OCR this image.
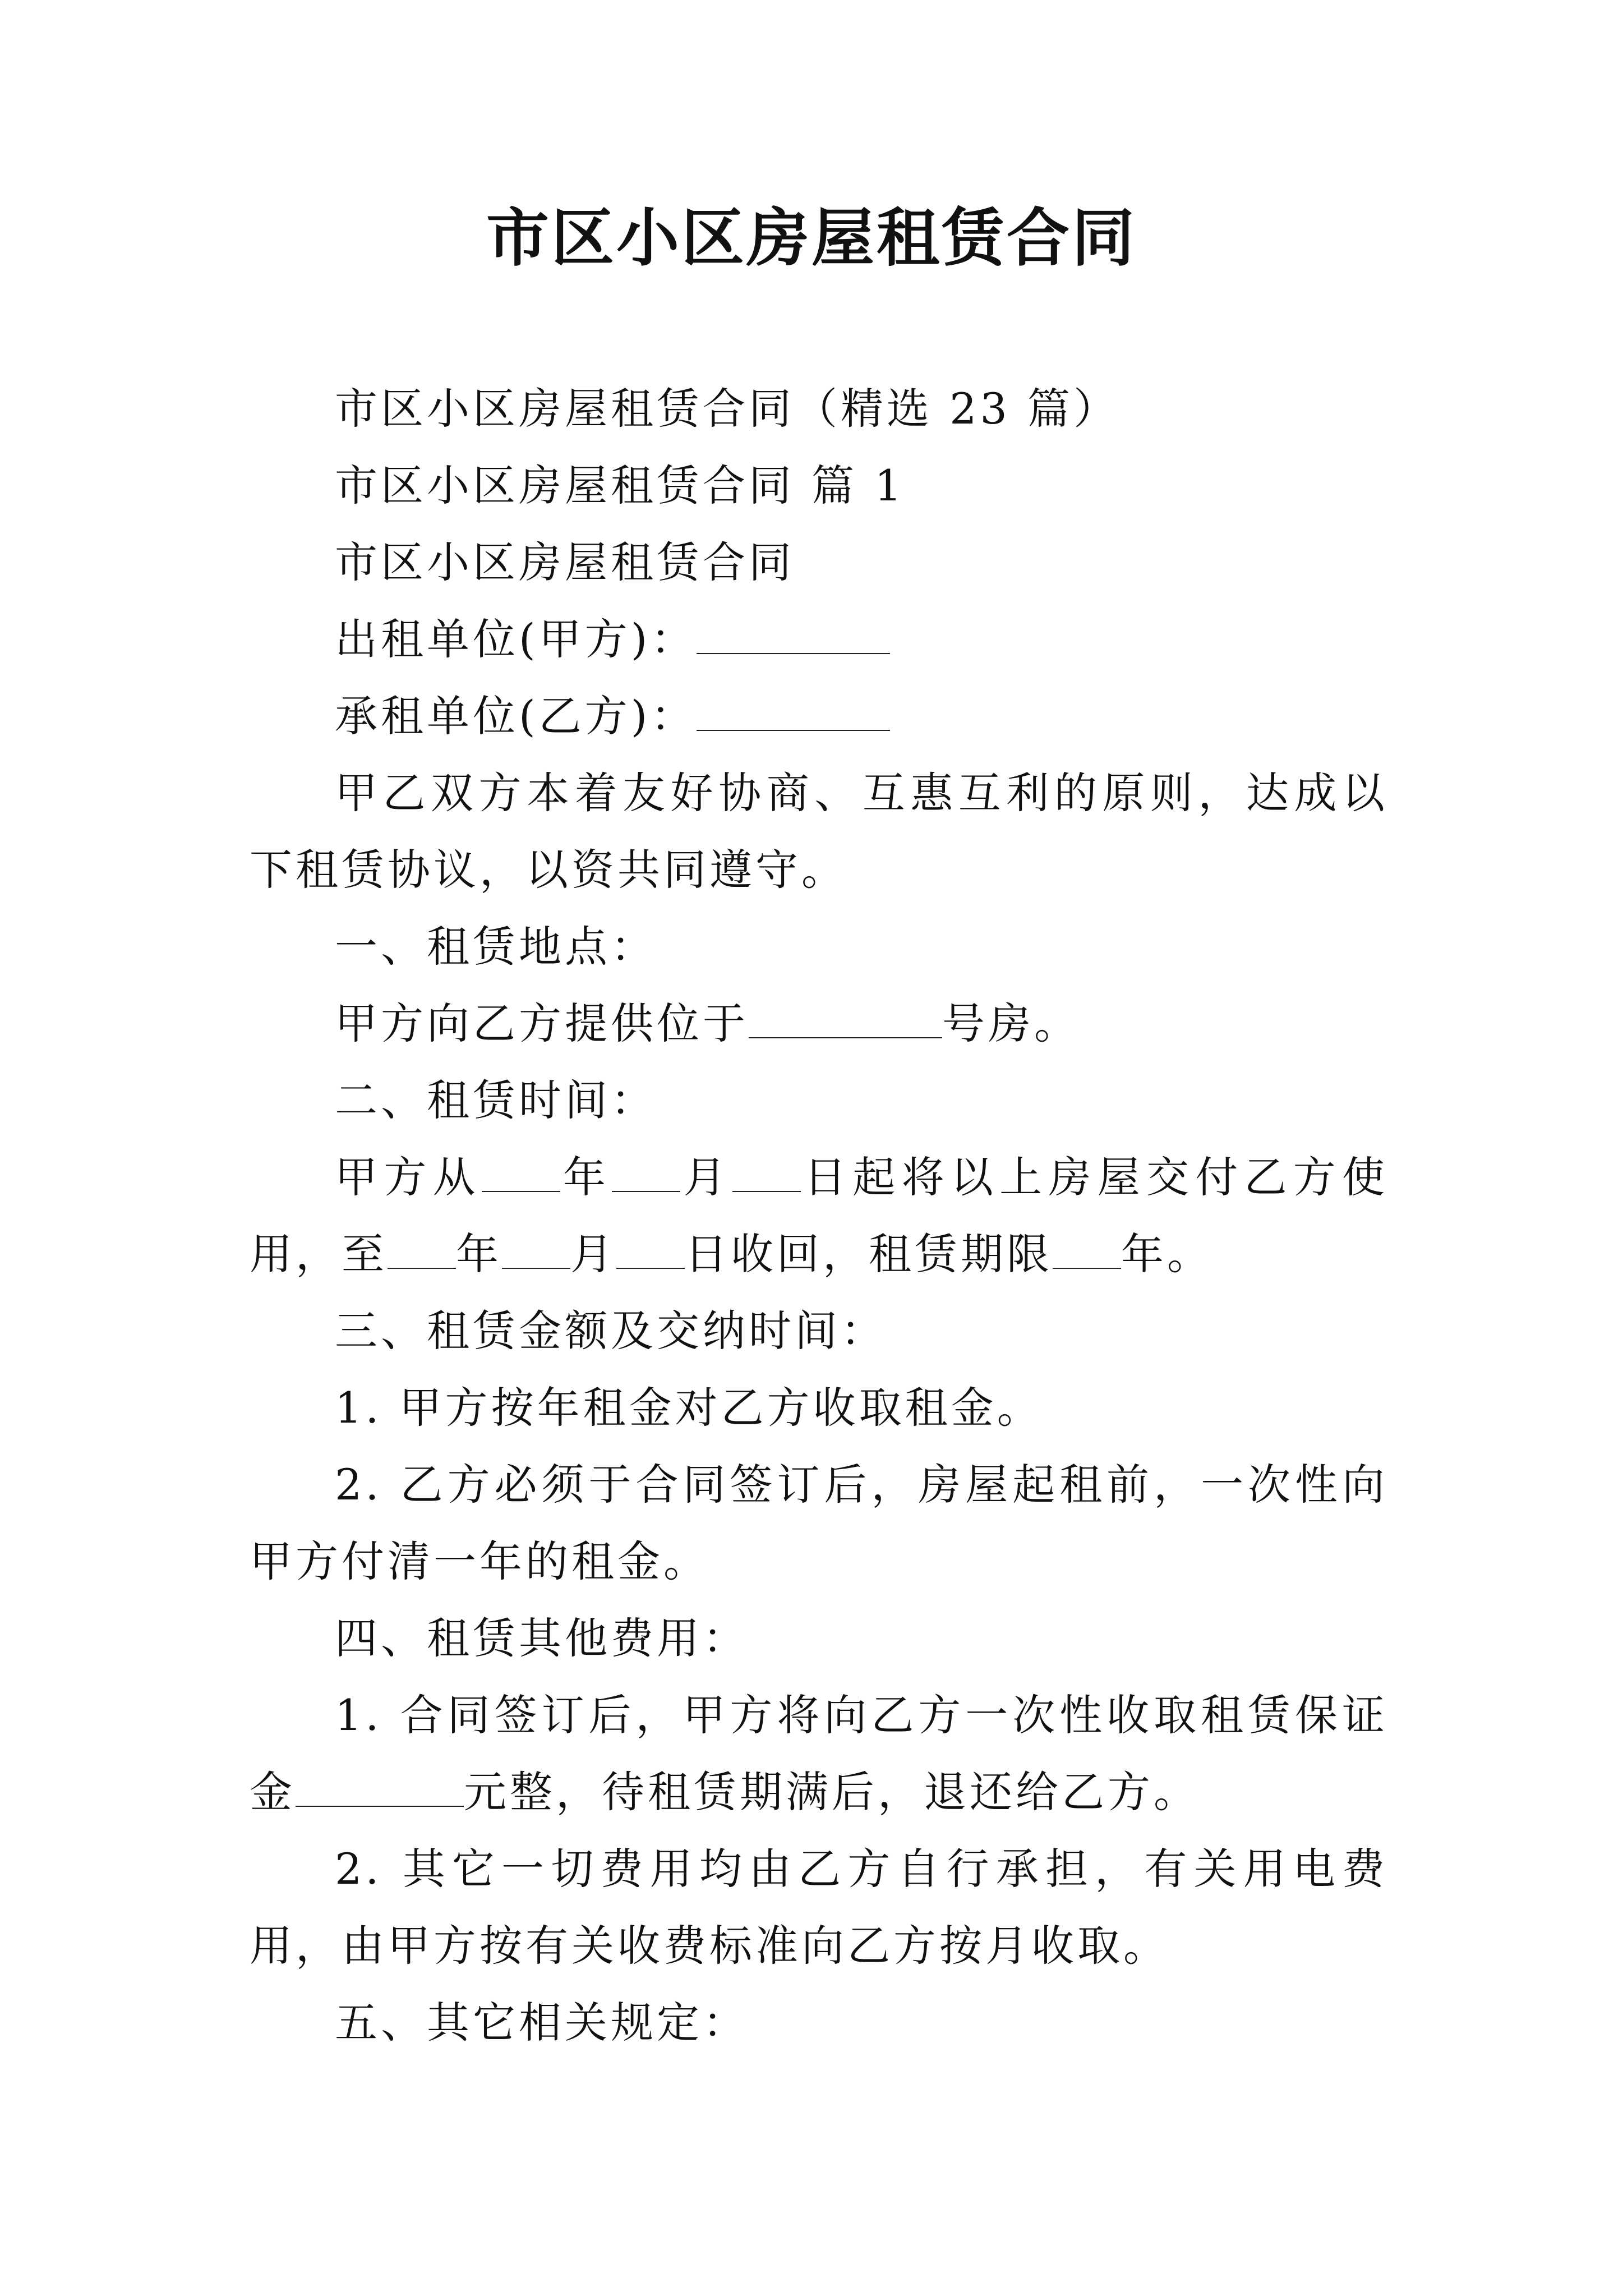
市区小区房屋租赁合同

市区小区房屋租赁合同（精选 23 篇）

市区小区房屋租赁合同 篇 1

市区小区房屋租赁合同

出租单位(甲方)：

承租单位(乙方)：

甲乙双方本着友好协商、互惠互利的原则，达成以下租赁协议，以资共同遵守。

一、租赁地点：

甲方向乙方提供位于	号房。

二、租赁时间：

甲方从 年 月 日起将以上房屋交付乙方使用，至 年 月 日收回，租赁期限 年。

三、租赁金额及交纳时间：

1. 甲方按年租金对乙方收取租金。

2. 乙方必须于合同签订后，房屋起租前，一次性向甲方付清一年的租金。

四、租赁其他费用：

1. 合同签订后，甲方将向乙方一次性收取租赁保证金	元整，待租赁期满后，退还给乙方。

2. 其它一切费用均由乙方自行承担，有关用电费用，由甲方按有关收费标准向乙方按月收取。

五、其它相关规定：
